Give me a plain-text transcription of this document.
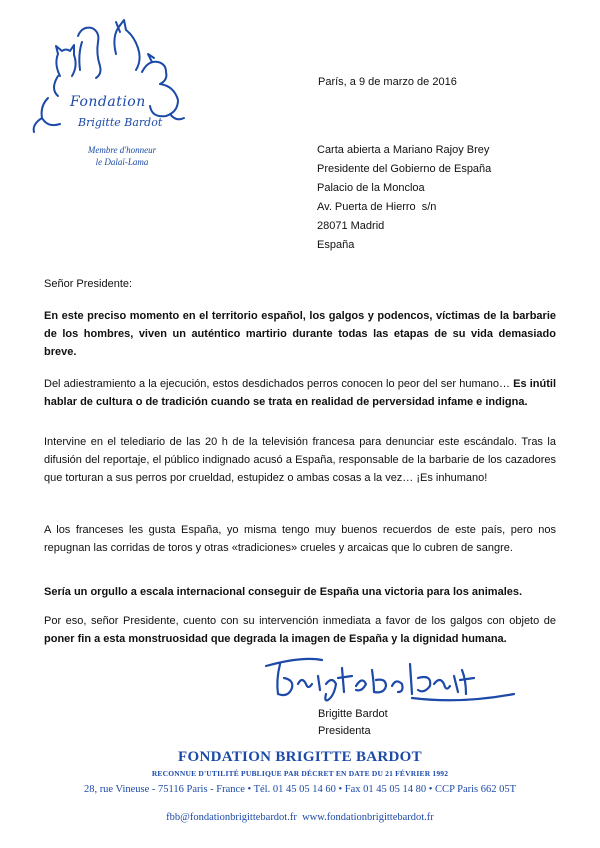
Fondation
Brigitte Bardot
Membre d'honneur
le Dalaï-Lama
París, a 9 de marzo de 2016
Carta abierta a Mariano Rajoy Brey
Presidente del Gobierno de España
Palacio de la Moncloa
Av. Puerta de Hierro  s/n
28071 Madrid
España
Señor Presidente:
En este preciso momento en el territorio español, los galgos y podencos, víctimas de la barbarie de los hombres, viven un auténtico martirio durante todas las etapas de su vida demasiado breve.
Del adiestramiento a la ejecución, estos desdichados perros conocen lo peor del ser humano… Es inútil hablar de cultura o de tradición cuando se trata en realidad de perversidad infame e indigna.
Intervine en el telediario de las 20 h de la televisión francesa para denunciar este escándalo. Tras la difusión del reportaje, el público indignado acusó a España, responsable de la barbarie de los cazadores que torturan a sus perros por crueldad, estupidez o ambas cosas a la vez… ¡Es inhumano!
A los franceses les gusta España, yo misma tengo muy buenos recuerdos de este país, pero nos repugnan las corridas de toros y otras «tradiciones» crueles y arcaicas que lo cubren de sangre.
Sería un orgullo a escala internacional conseguir de España una victoria para los animales.
Por eso, señor Presidente, cuento con su intervención inmediata a favor de los galgos con objeto de poner fin a esta monstruosidad que degrada la imagen de España y la dignidad humana.
Brigitte Bardot
Presidenta
FONDATION BRIGITTE BARDOT
RECONNUE D'UTILITÉ PUBLIQUE PAR DÉCRET EN DATE DU 21 FÉVRIER 1992
28, rue Vineuse - 75116 Paris - France • Tél. 01 45 05 14 60 • Fax 01 45 05 14 80 • CCP Paris 662 05T
fbb@fondationbrigittebardot.fr  www.fondationbrigittebardot.fr
